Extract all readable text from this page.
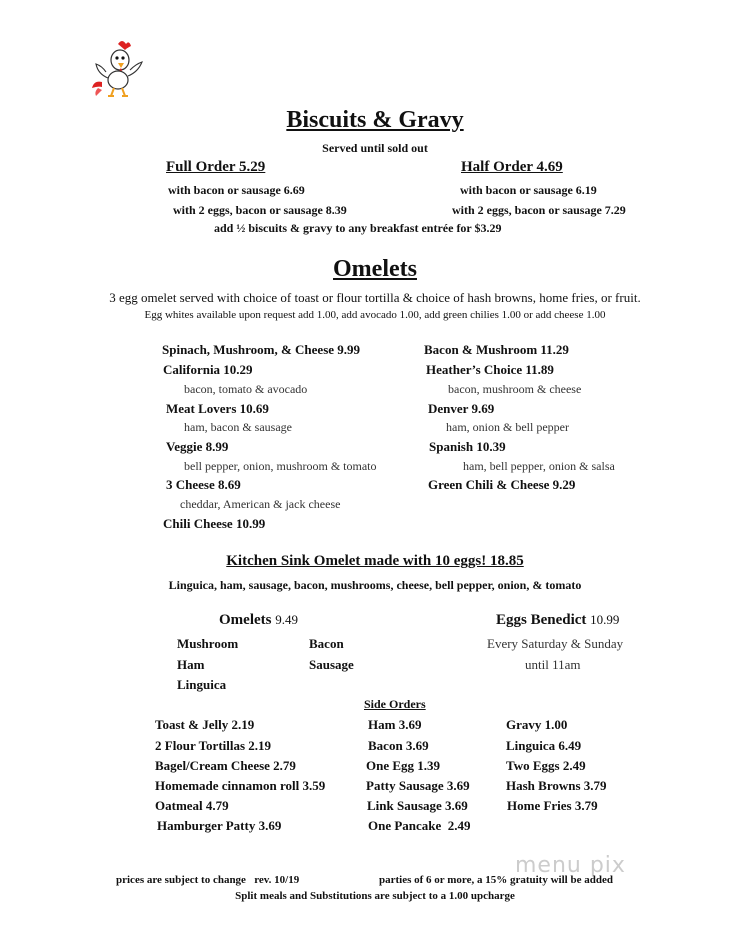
Biscuits & Gravy
Served until sold out
Full Order 5.29
with bacon or sausage 6.69
with 2 eggs, bacon or sausage 8.39
Half Order 4.69
with bacon or sausage 6.19
with 2 eggs, bacon or sausage 7.29
add ½ biscuits & gravy to any breakfast entrée for $3.29
Omelets
3 egg omelet served with choice of toast or flour tortilla & choice of hash browns, home fries, or fruit.
Egg whites available upon request add 1.00, add avocado 1.00, add green chilies 1.00 or add cheese 1.00
Spinach, Mushroom, & Cheese 9.99
California 10.29
bacon, tomato & avocado
Meat Lovers 10.69
ham, bacon & sausage
Veggie 8.99
bell pepper, onion, mushroom & tomato
3 Cheese 8.69
cheddar, American & jack cheese
Chili Cheese 10.99
Bacon & Mushroom 11.29
Heather’s Choice 11.89
bacon, mushroom & cheese
Denver 9.69
ham, onion & bell pepper
Spanish 10.39
ham, bell pepper, onion & salsa
Green Chili & Cheese 9.29
Kitchen Sink Omelet made with 10 eggs! 18.85
Linguica, ham, sausage, bacon, mushrooms, cheese, bell pepper, onion, & tomato
Omelets 9.49
Mushroom	Bacon
Ham	Sausage
Linguica
Eggs Benedict 10.99
Every Saturday & Sunday
until 11am
Side Orders
Toast & Jelly 2.19
2 Flour Tortillas 2.19
Bagel/Cream Cheese 2.79
Homemade cinnamon roll 3.59
Oatmeal 4.79
Hamburger Patty 3.69
Ham 3.69
Bacon 3.69
One Egg 1.39
Patty Sausage 3.69
Link Sausage 3.69
One Pancake  2.49
Gravy 1.00
Linguica 6.49
Two Eggs 2.49
Hash Browns 3.79
Home Fries 3.79
menu pix
prices are subject to change   rev. 10/19	parties of 6 or more, a 15% gratuity will be added
Split meals and Substitutions are subject to a 1.00 upcharge
